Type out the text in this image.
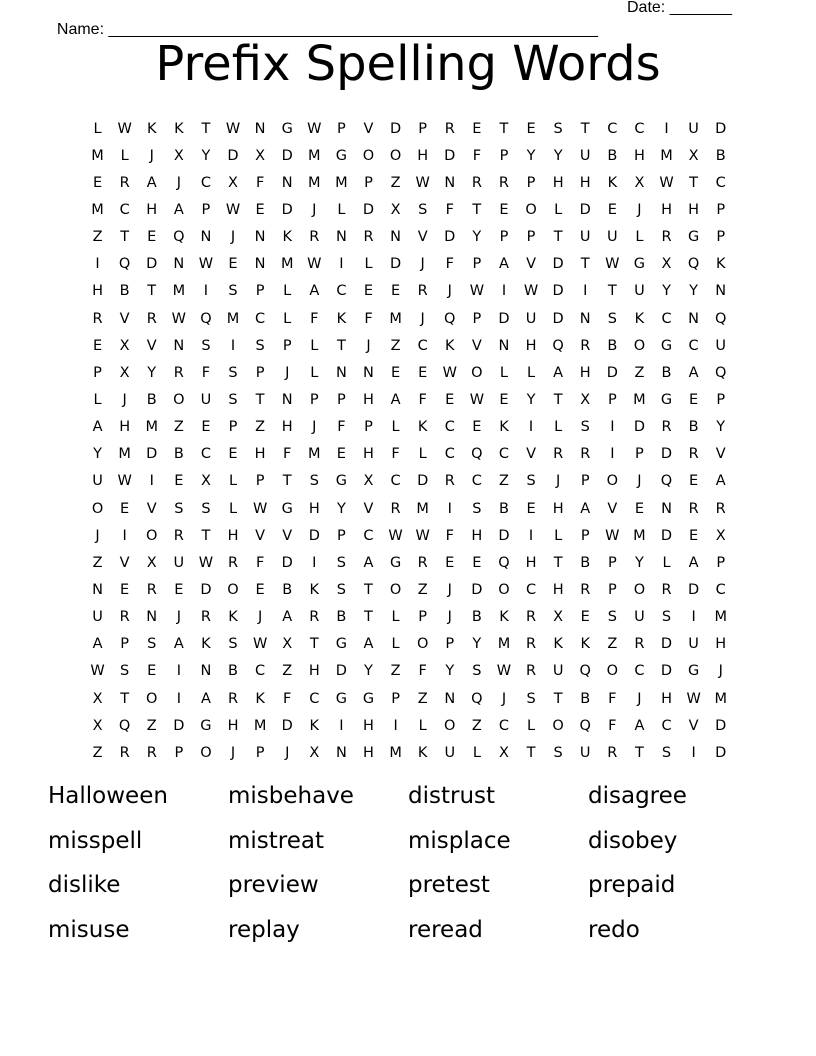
Name: _______________________________________________________

Date: _______

Prefix Spelling Words
L	W	K	K	T	W N	G W	P	V	D	P	R	E	T	E	S	T	C	C	I	U	D
M	L	J	X	Y	D	X	D	M	G	O	O	H	D	F	P	Y	Y	U	B	H	M	X	B
E	R	A	J	C	X	F	N	M	M	P	Z	W N	R	R	P	H	H	K	X	W	T	C
M	C	H	A	P	W	E	D	J	L	D	X	S	F	T	E	O	L	D	E	J	H	H	P
Z	T	E	Q	N	J	N	K	R	N	R	N	V	D	Y	P	P	T	U	U	L	R	G	P
I	Q	D	N	W	E	N	M W	I	L	D	J	F	P	A	V	D	T	W G	X	Q	K
H	B	T	M	I	S	P	L	A	C	E	E	R	J	W	I	W D	I	T	U	Y	Y	N
R	V	R	W Q	M	C	L	F	K	F	M	J	Q	P	D	U	D	N	S	K	C	N	Q
E	X	V	N	S	I	S	P	L	T	J	Z	C	K	V	N	H	Q	R	B	O	G	C	U
P	X	Y	R	F	S	P	J	L	N	N	E	E	W O	L	L	A	H	D	Z	B	A	Q
L	J	B	O	U	S	T	N	P	P	H	A	F	E	W	E	Y	T	X	P	M	G	E	P
A	H	M	Z	E	P	Z	H	J	F	P	L	K	C	E	K	I	L	S	I	D	R	B	Y
Y	M	D	B	C	E	H	F	M	E	H	F	L	C	Q	C	V	R	R	I	P	D	R	V
U	W	I	E	X	L	P	T	S	G	X	C	D	R	C	Z	S	J	P	O	J	Q	E	A
O	E	V	S	S	L	W G	H	Y	V	R	M	I	S	B	E	H	A	V	E	N	R	R
J	I	O	R	T	H	V	V	D	P	C	W W	F	H	D	I	L	P	W M	D	E	X
Z	V	X	U	W	R	F	D	I	S	A	G	R	E	E	Q	H	T	B	P	Y	L	A	P
N	E	R	E	D	O	E	B	K	S	T	O	Z	J	D	O	C	H	R	P	O	R	D	C
U	R	N	J	R	K	J	A	R	B	T	L	P	J	B	K	R	X	E	S	U	S	I	M
A	P	S	A	K	S	W	X	T	G	A	L	O	P	Y	M	R	K	K	Z	R	D	U	H
W	S	E	I	N	B	C	Z	H	D	Y	Z	F	Y	S	W	R	U	Q	O	C	D	G	J
X	T	O	I	A	R	K	F	C	G	G	P	Z	N	Q	J	S	T	B	F	J	H W M
X	Q	Z	D	G	H	M	D	K	I	H	I	L	O	Z	C	L	O	Q	F	A	C	V	D
Z	R	R	P	O	J	P	J	X	N	H	M	K	U	L	X	T	S	U	R	T	S	I	D
Halloween	misbehave	distrust	disagree
misspell	mistreat	misplace	disobey
dislike	preview	pretest	prepaid
misuse	replay	reread	redo
